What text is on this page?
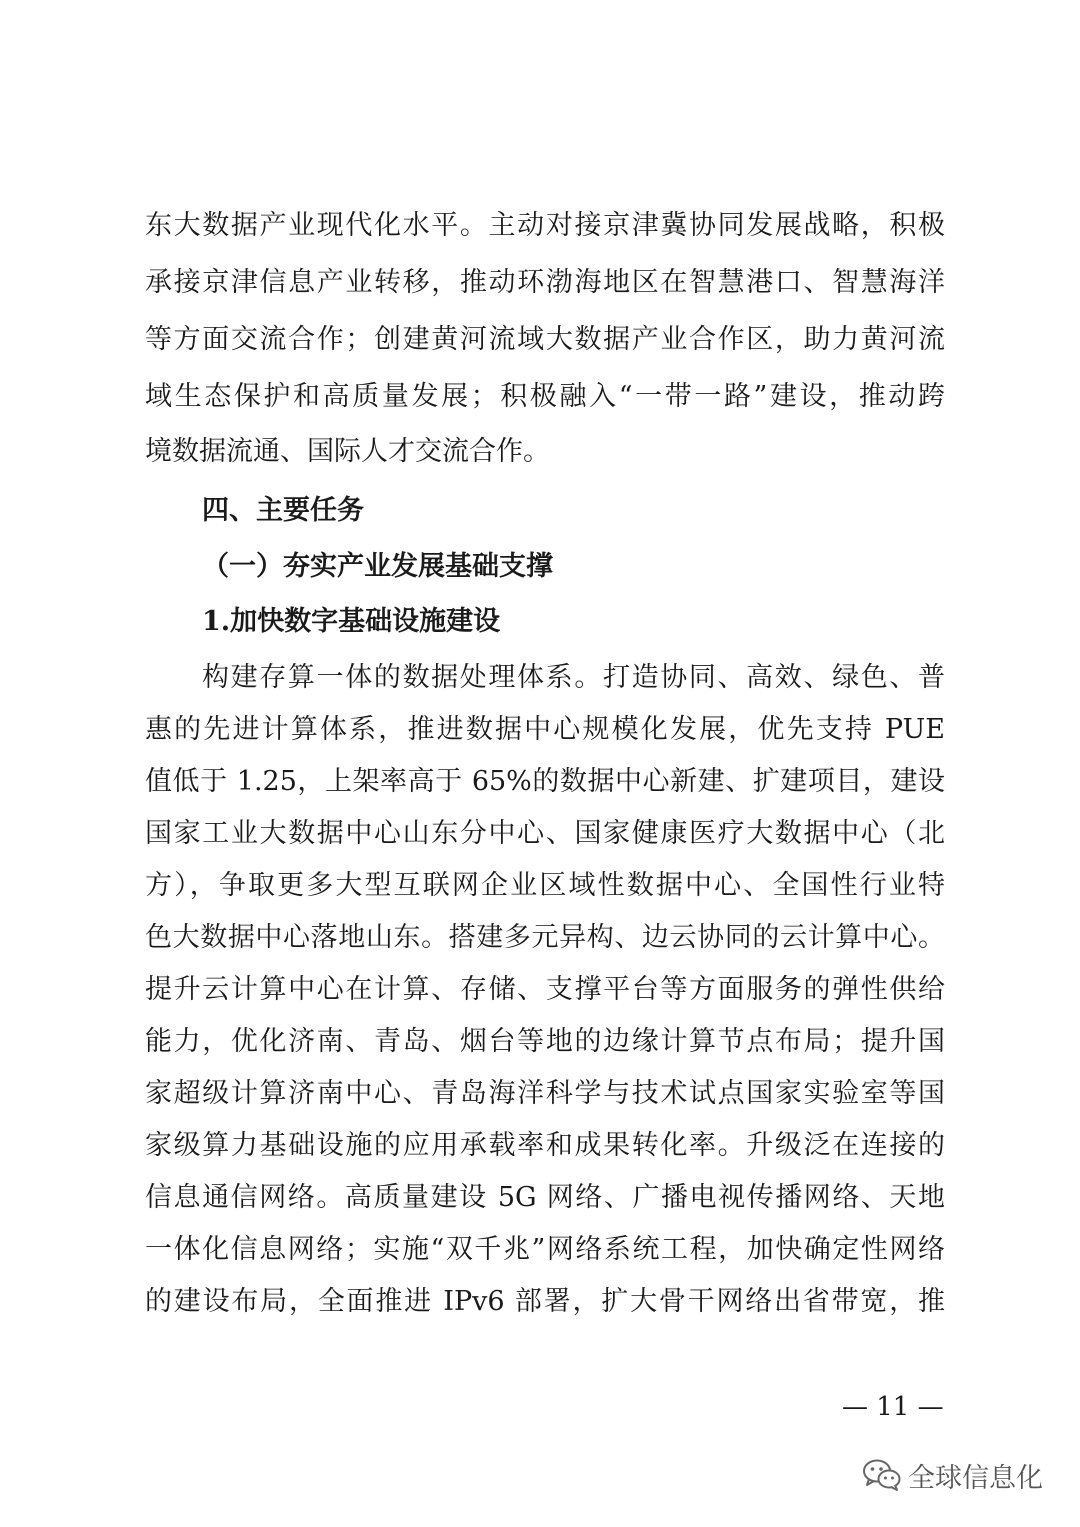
东大数据产业现代化水平。主动对接京津冀协同发展战略，积极
承接京津信息产业转移，推动环渤海地区在智慧港口、智慧海洋
等方面交流合作；创建黄河流域大数据产业合作区，助力黄河流
域生态保护和高质量发展；积极融入“一带一路”建设，推动跨
境数据流通、国际人才交流合作。
四、主要任务
（一）夯实产业发展基础支撑
1.加快数字基础设施建设
构建存算一体的数据处理体系。打造协同、高效、绿色、普
惠的先进计算体系，推进数据中心规模化发展，优先支持 PUE
值低于 1.25，上架率高于 65%的数据中心新建、扩建项目，建设
国家工业大数据中心山东分中心、国家健康医疗大数据中心（北
方），争取更多大型互联网企业区域性数据中心、全国性行业特
色大数据中心落地山东。搭建多元异构、边云协同的云计算中心。
提升云计算中心在计算、存储、支撑平台等方面服务的弹性供给
能力，优化济南、青岛、烟台等地的边缘计算节点布局；提升国
家超级计算济南中心、青岛海洋科学与技术试点国家实验室等国
家级算力基础设施的应用承载率和成果转化率。升级泛在连接的
信息通信网络。高质量建设 5G 网络、广播电视传播网络、天地
一体化信息网络；实施“双千兆”网络系统工程，加快确定性网络
的建设布局，全面推进 IPv6 部署，扩大骨干网络出省带宽，推
— 11 —
全球信息化
